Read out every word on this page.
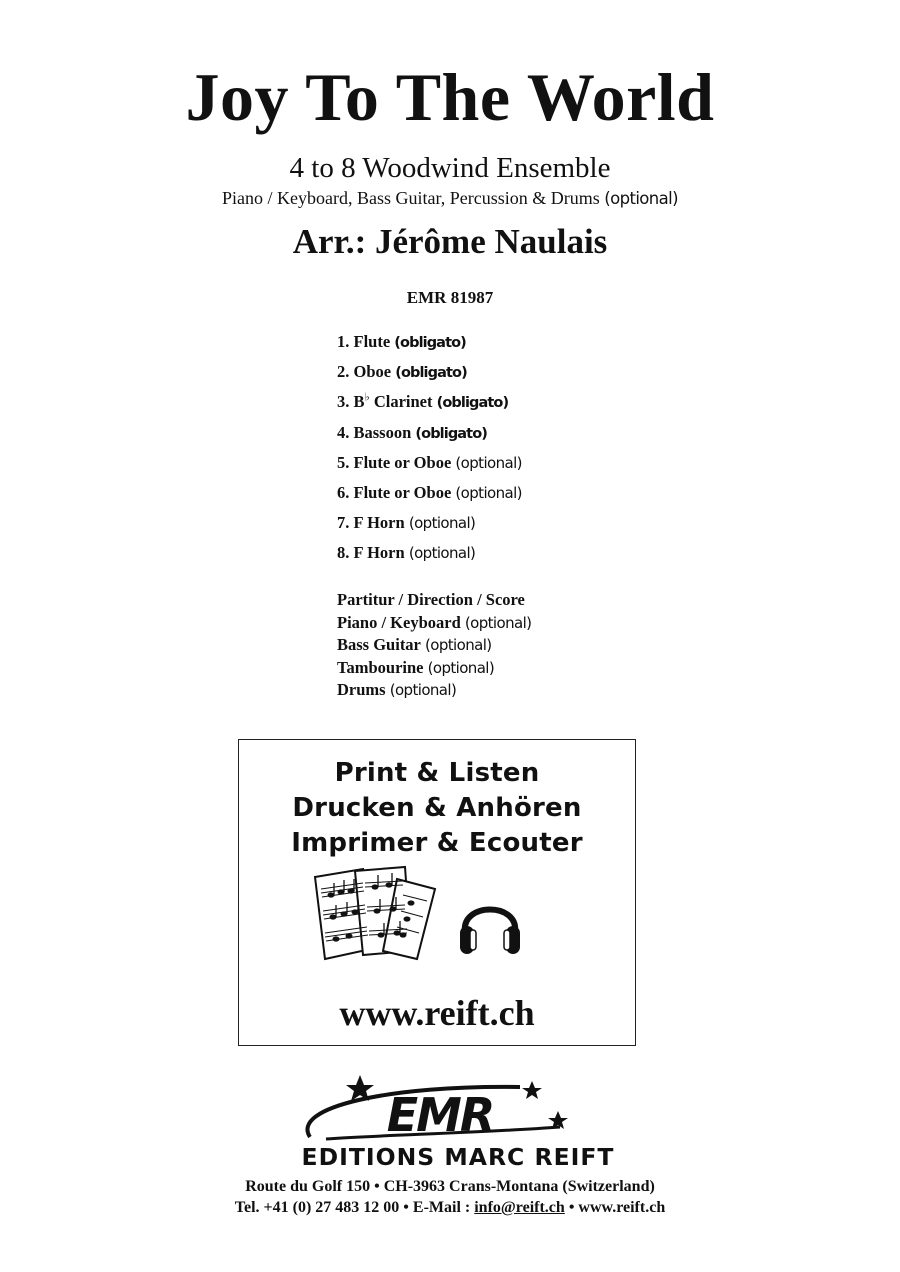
Joy To The World
4 to 8 Woodwind Ensemble
Piano / Keyboard, Bass Guitar, Percussion & Drums (optional)
Arr.: Jérôme Naulais
EMR 81987
1. Flute (obligato)
2. Oboe (obligato)
3. B♭ Clarinet (obligato)
4. Bassoon (obligato)
5. Flute or Oboe (optional)
6. Flute or Oboe (optional)
7. F Horn (optional)
8. F Horn (optional)
Partitur / Direction / Score
Piano / Keyboard (optional)
Bass Guitar (optional)
Tambourine (optional)
Drums (optional)
Print & Listen
Drucken & Anhören
Imprimer & Ecouter
www.reift.ch
EMR
EDITIONS MARC REIFT
Route du Golf 150 • CH-3963 Crans-Montana (Switzerland)
Tel. +41 (0) 27 483 12 00 • E-Mail : info@reift.ch • www.reift.ch
